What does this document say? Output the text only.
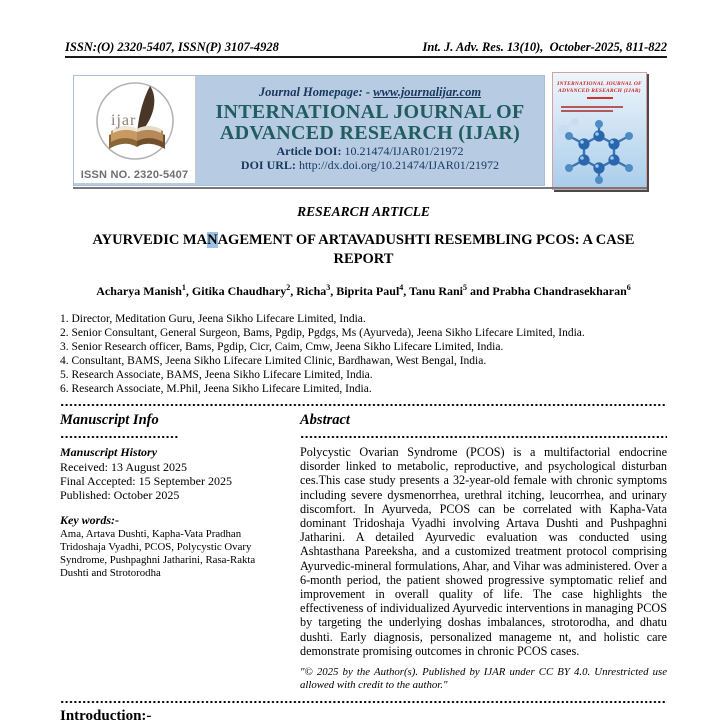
ISSN:(O) 2320-5407, ISSN(P) 3107-4928	Int. J. Adv. Res. 13(10),  October-2025, 811-822
ijar
ISSN NO. 2320-5407
Journal Homepage: - www.journalijar.com
INTERNATIONAL JOURNAL OF
ADVANCED RESEARCH (IJAR)
Article DOI: 10.21474/IJAR01/21972
DOI URL: http://dx.doi.org/10.21474/IJAR01/21972
INTERNATIONAL JOURNAL OF
ADVANCED RESEARCH (IJAR)
RESEARCH ARTICLE
AYURVEDIC MANAGEMENT OF ARTAVADUSHTI RESEMBLING PCOS: A CASE REPORT
Acharya Manish$^1$, Gitika Chaudhary$^2$, Richa$^3$, Biprita Paul$^4$, Tanu Rani$^5$ and Prabha Chandrasekharan$^6$
1. Director, Meditation Guru, Jeena Sikho Lifecare Limited, India.
2. Senior Consultant, General Surgeon, Bams, Pgdip, Pgdgs, Ms (Ayurveda), Jeena Sikho Lifecare Limited, India.
3. Senior Research officer, Bams, Pgdip, Cicr, Caim, Cmw, Jeena Sikho Lifecare Limited, India.
4. Consultant, BAMS, Jeena Sikho Lifecare Limited Clinic, Bardhawan, West Bengal, India.
5. Research Associate, BAMS, Jeena Sikho Lifecare Limited, India.
6. Research Associate, M.Phil, Jeena Sikho Lifecare Limited, India.
Manuscript Info
Manuscript History
Received: 13 August 2025
Final Accepted: 15 September 2025
Published: October 2025
Key words:-
Ama, Artava Dushti, Kapha-Vata Pradhan Tridoshaja Vyadhi, PCOS, Polycystic Ovary Syndrome, Pushpaghni Jatharini, Rasa-Rakta Dushti and Strotorodha
Abstract
Polycystic Ovarian Syndrome (PCOS) is a multifactorial endocrine disorder linked to metabolic, reproductive, and psychological disturban ces.This case study presents a 32-year-old female with chronic symptoms including severe dysmenorrhea, urethral itching, leucorrhea, and urinary discomfort. In Ayurveda, PCOS can be correlated with Kapha-Vata dominant Tridoshaja Vyadhi involving Artava Dushti and Pushpaghni Jatharini. A detailed Ayurvedic evaluation was conducted using Ashtasthana Pareeksha, and a customized treatment protocol comprising Ayurvedic-mineral formulations, Ahar, and Vihar was administered. Over a 6-month period, the patient showed progressive symptomatic relief and improvement in overall quality of life. The case highlights the effectiveness of individualized Ayurvedic interventions in managing PCOS by targeting the underlying doshas imbalances, strotorodha, and dhatu dushti. Early diagnosis, personalized manageme nt, and holistic care demonstrate promising outcomes in chronic PCOS cases.
"© 2025 by the Author(s). Published by IJAR under CC BY 4.0. Unrestricted use allowed with credit to the author."
Introduction:-
